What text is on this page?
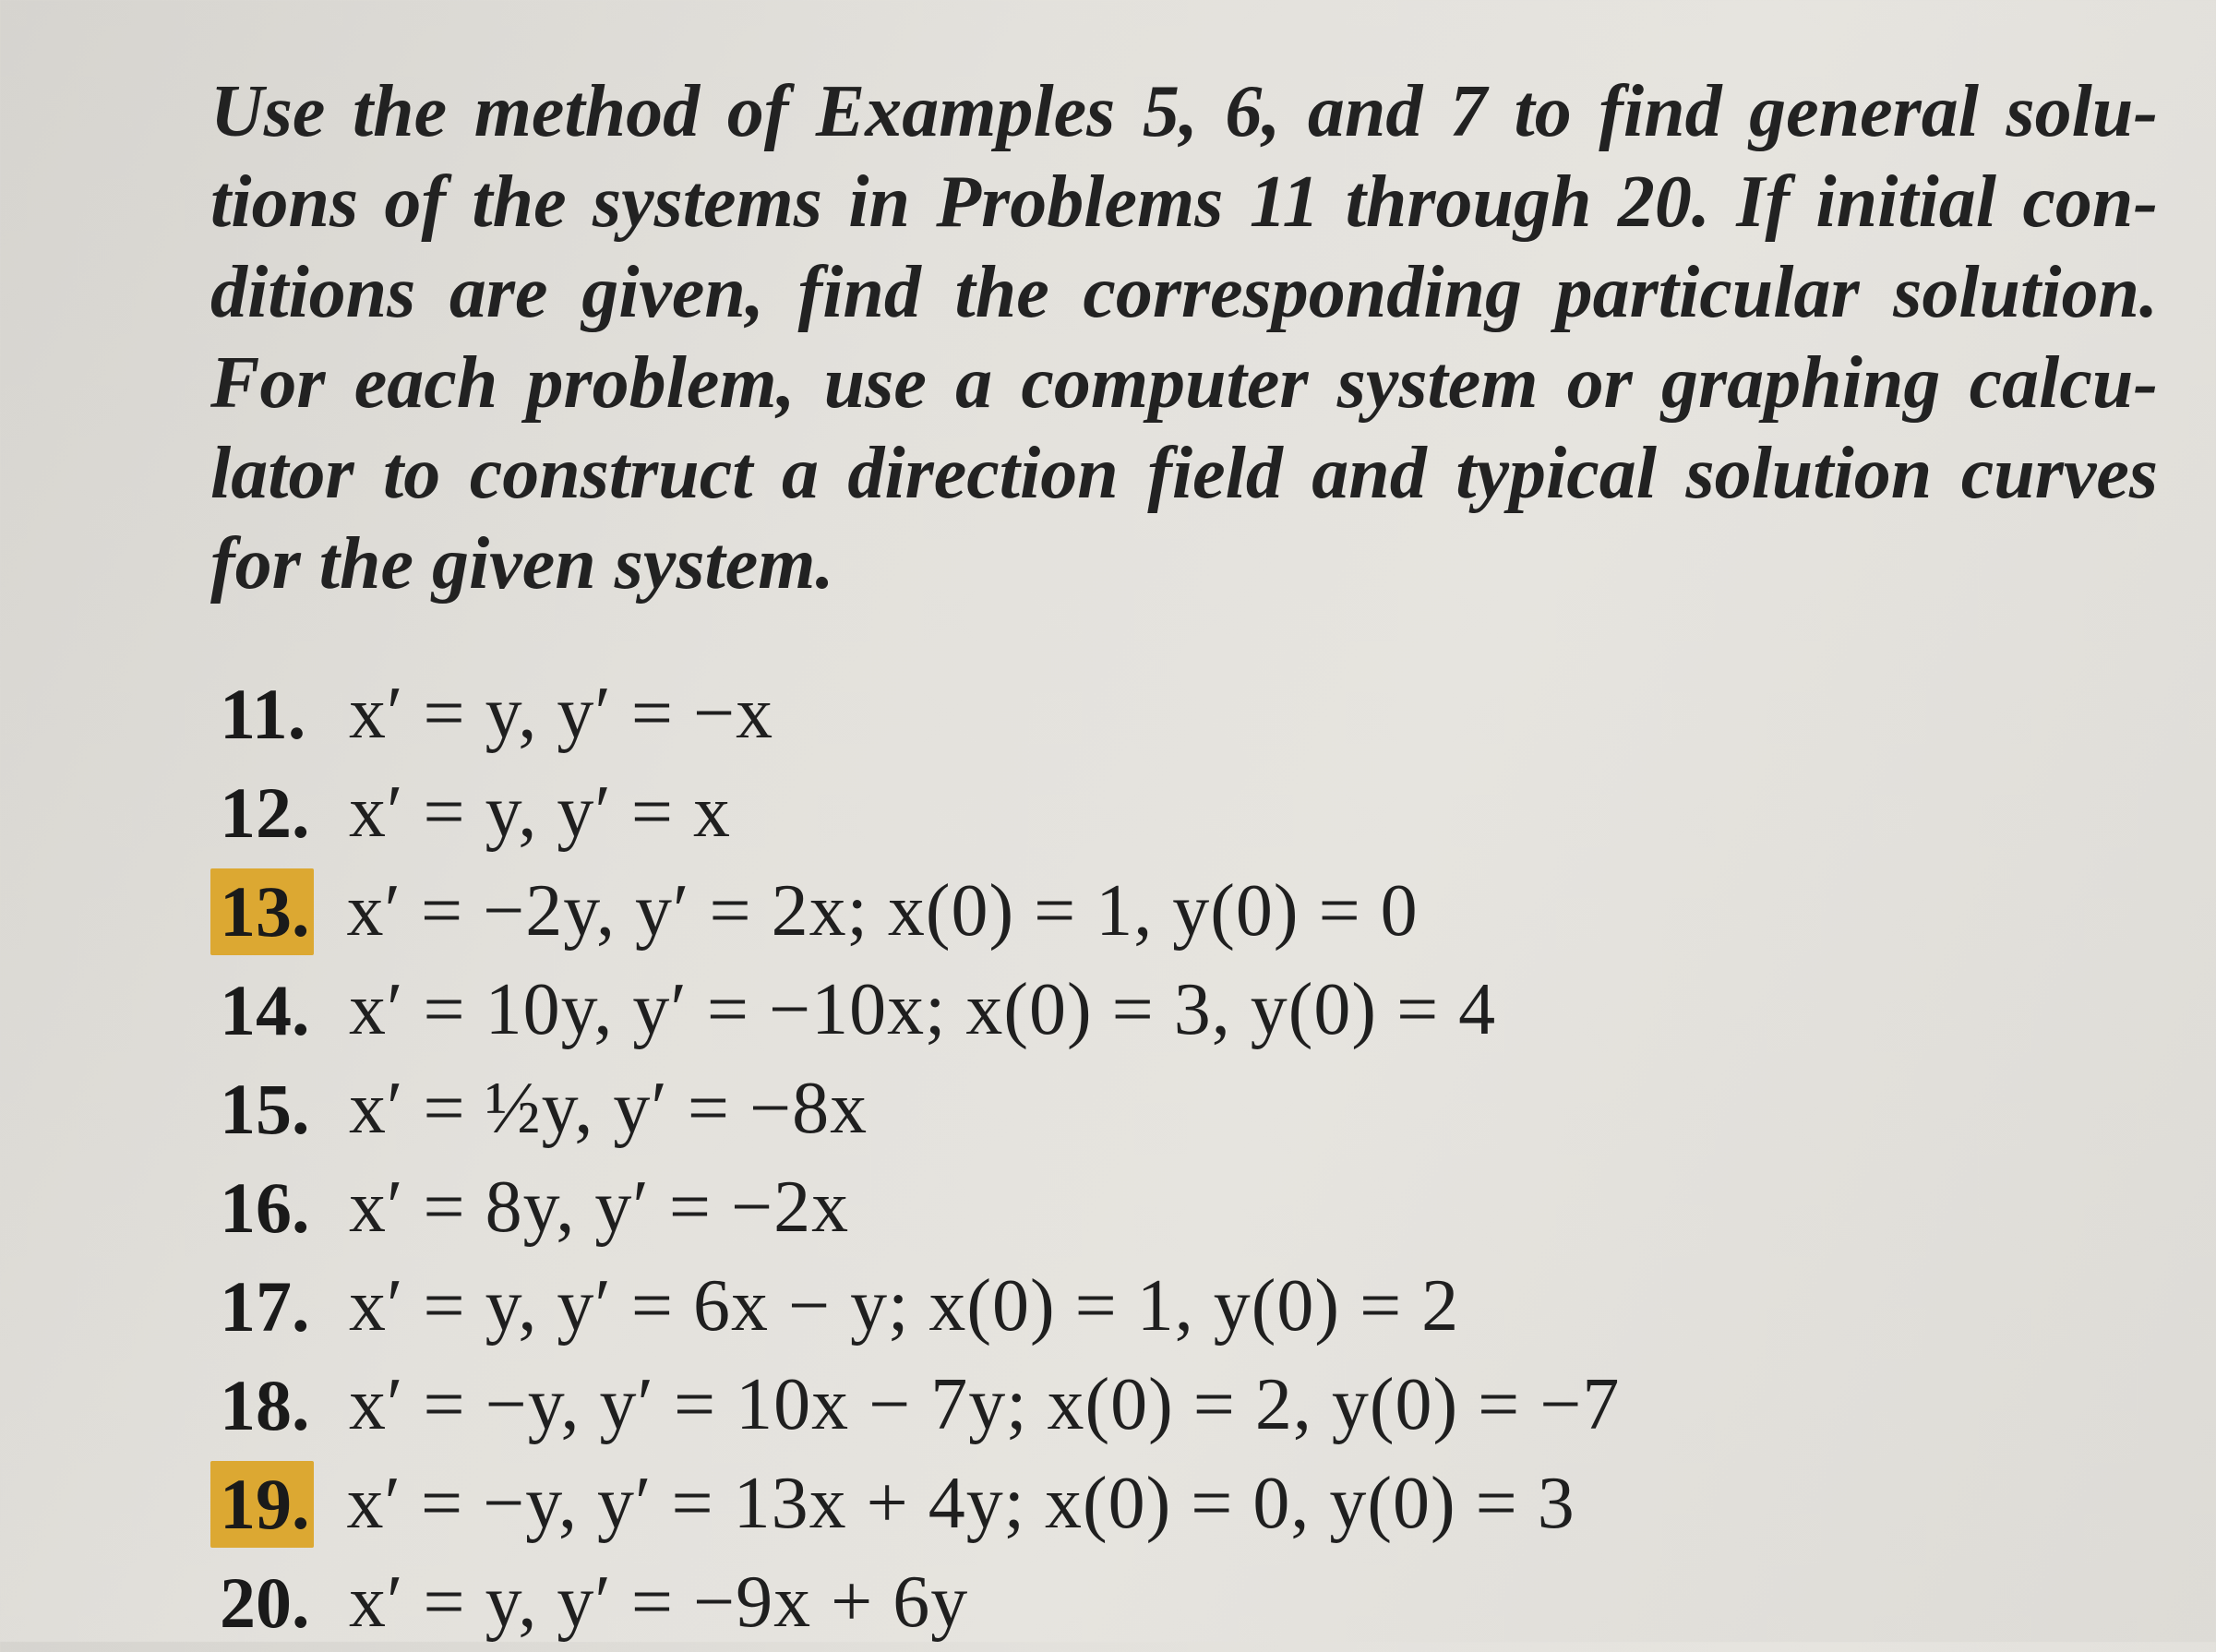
Use the method of Examples 5, 6, and 7 to find general solu-
tions of the systems in Problems 11 through 20. If initial con-
ditions are given, find the corresponding particular solution.
For each problem, use a computer system or graphing calcu-
lator to construct a direction field and typical solution curves
for the given system.

11. x′ = y, y′ = −x
12. x′ = y, y′ = x
13. x′ = −2y, y′ = 2x; x(0) = 1, y(0) = 0
14. x′ = 10y, y′ = −10x; x(0) = 3, y(0) = 4
15. x′ = ½y, y′ = −8x
16. x′ = 8y, y′ = −2x
17. x′ = y, y′ = 6x − y; x(0) = 1, y(0) = 2
18. x′ = −y, y′ = 10x − 7y; x(0) = 2, y(0) = −7
19. x′ = −y, y′ = 13x + 4y; x(0) = 0, y(0) = 3
20. x′ = y, y′ = −9x + 6y
